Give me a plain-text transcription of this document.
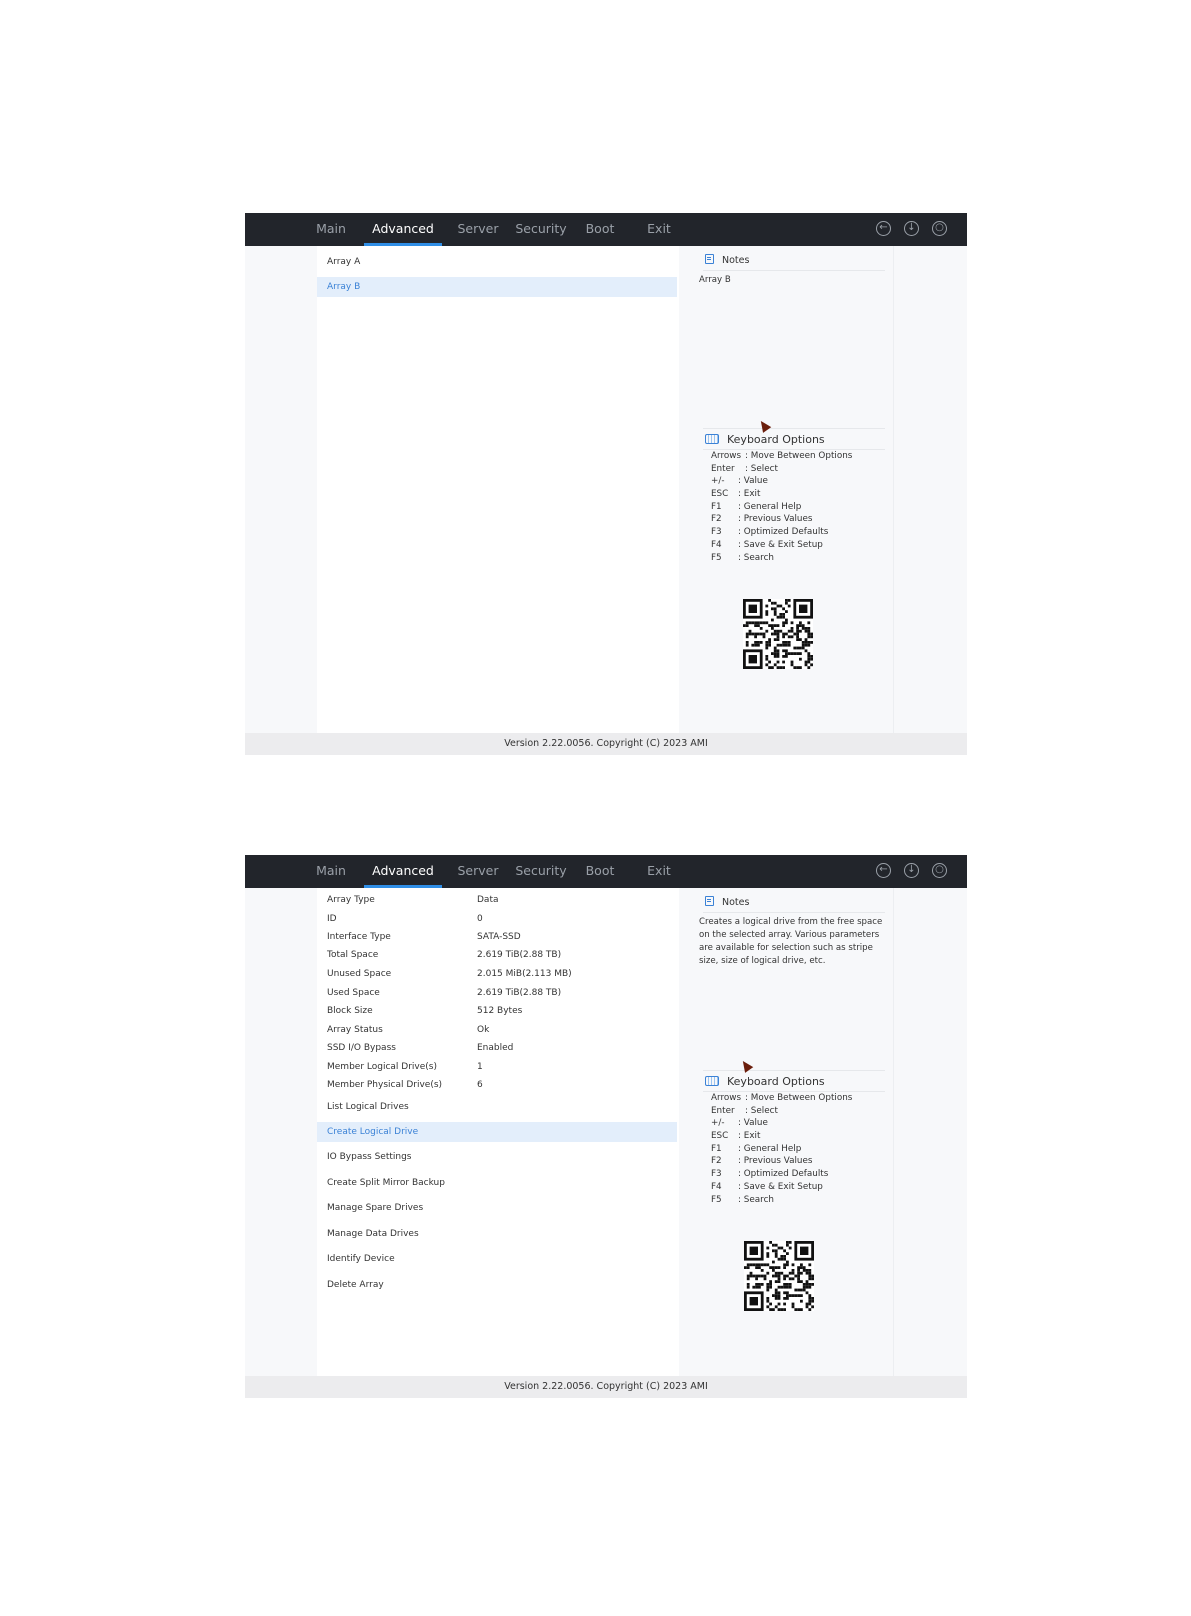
Main	Advanced	Server Security Boot	Exit	←	↓	○
Array A
Array B
Notes
Array B
Keyboard Options
Arrows : Move Between Options
Enter : Select
+/- : Value
ESC : Exit
F1 : General Help
F2 : Previous Values
F3 : Optimized Defaults
F4 : Save & Exit Setup
F5 : Search
Version 2.22.0056. Copyright (C) 2023 AMI
Main	Advanced	Server Security Boot	Exit	←	↓	○
Array Type	Data
ID	0
Interface Type	SATA-SSD
Total Space	2.619 TiB(2.88 TB)
Unused Space	2.015 MiB(2.113 MB)
Used Space	2.619 TiB(2.88 TB)
Block Size	512 Bytes
Array Status	Ok
SSD I/O Bypass	Enabled
Member Logical Drive(s)	1
Member Physical Drive(s)	6
List Logical Drives
Create Logical Drive
IO Bypass Settings
Create Split Mirror Backup
Manage Spare Drives
Manage Data Drives
Identify Device
Delete Array
Notes
Creates a logical drive from the free space on the selected array. Various parameters are available for selection such as stripe size, size of logical drive, etc.
Keyboard Options
Arrows : Move Between Options
Enter : Select
+/- : Value
ESC : Exit
F1 : General Help
F2 : Previous Values
F3 : Optimized Defaults
F4 : Save & Exit Setup
F5 : Search
Version 2.22.0056. Copyright (C) 2023 AMI
